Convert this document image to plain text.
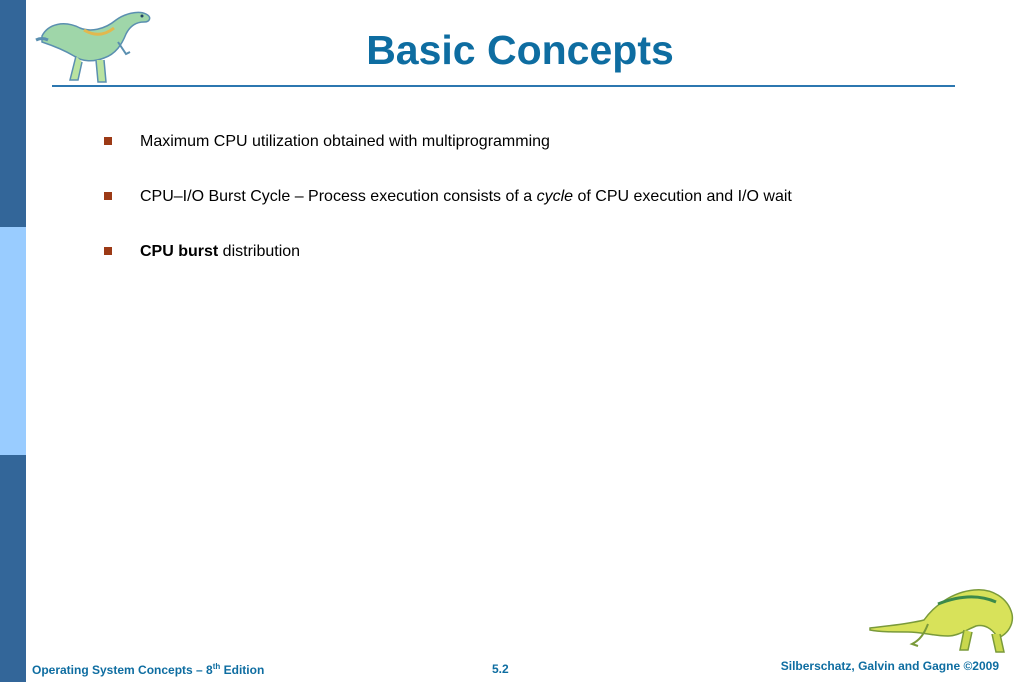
Basic Concepts
Maximum CPU utilization obtained with multiprogramming
CPU–I/O Burst Cycle – Process execution consists of a cycle of CPU execution and I/O wait
CPU burst distribution
Operating System Concepts – 8th Edition	5.2	Silberschatz, Galvin and Gagne ©2009
